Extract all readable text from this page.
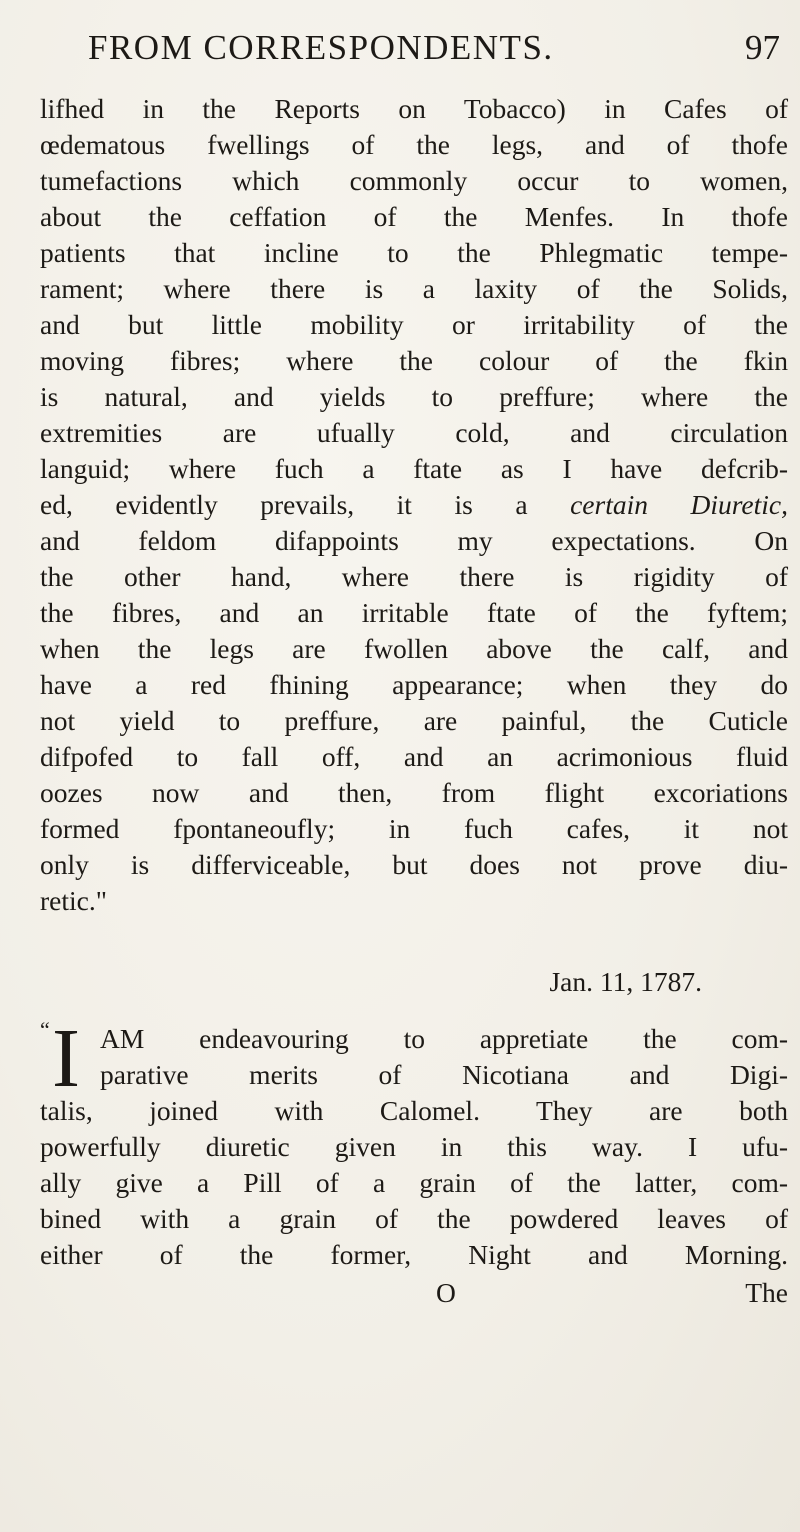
FROM CORRESPONDENTS.	97
lifhed in the Reports on Tobacco) in Cafes of
œdematous fwellings of the legs, and of thofe
tumefactions which commonly occur to women,
about the ceffation of the Menfes. In thofe
patients that incline to the Phlegmatic tempe-
rament; where there is a laxity of the Solids,
and but little mobility or irritability of the
moving fibres; where the colour of the fkin
is natural, and yields to preffure; where the
extremities are ufually cold, and circulation
languid; where fuch a ftate as I have defcrib-
ed, evidently prevails, it is a certain Diuretic,
and feldom difappoints my expectations. On
the other hand, where there is rigidity of
the fibres, and an irritable ftate of the fyftem;
when the legs are fwollen above the calf, and
have a red fhining appearance; when they do
not yield to preffure, are painful, the Cuticle
difpofed to fall off, and an acrimonious fluid
oozes now and then, from flight excoriations
formed fpontaneoufly; in fuch cafes, it not
only is differviceable, but does not prove diu-
retic."
Jan. 11, 1787.
“ I AM endeavouring to appretiate the com-
parative merits of Nicotiana and Digi-
talis, joined with Calomel. They are both
powerfully diuretic given in this way. I ufu-
ally give a Pill of a grain of the latter, com-
bined with a grain of the powdered leaves of
either of the former, Night and Morning.
O	The
